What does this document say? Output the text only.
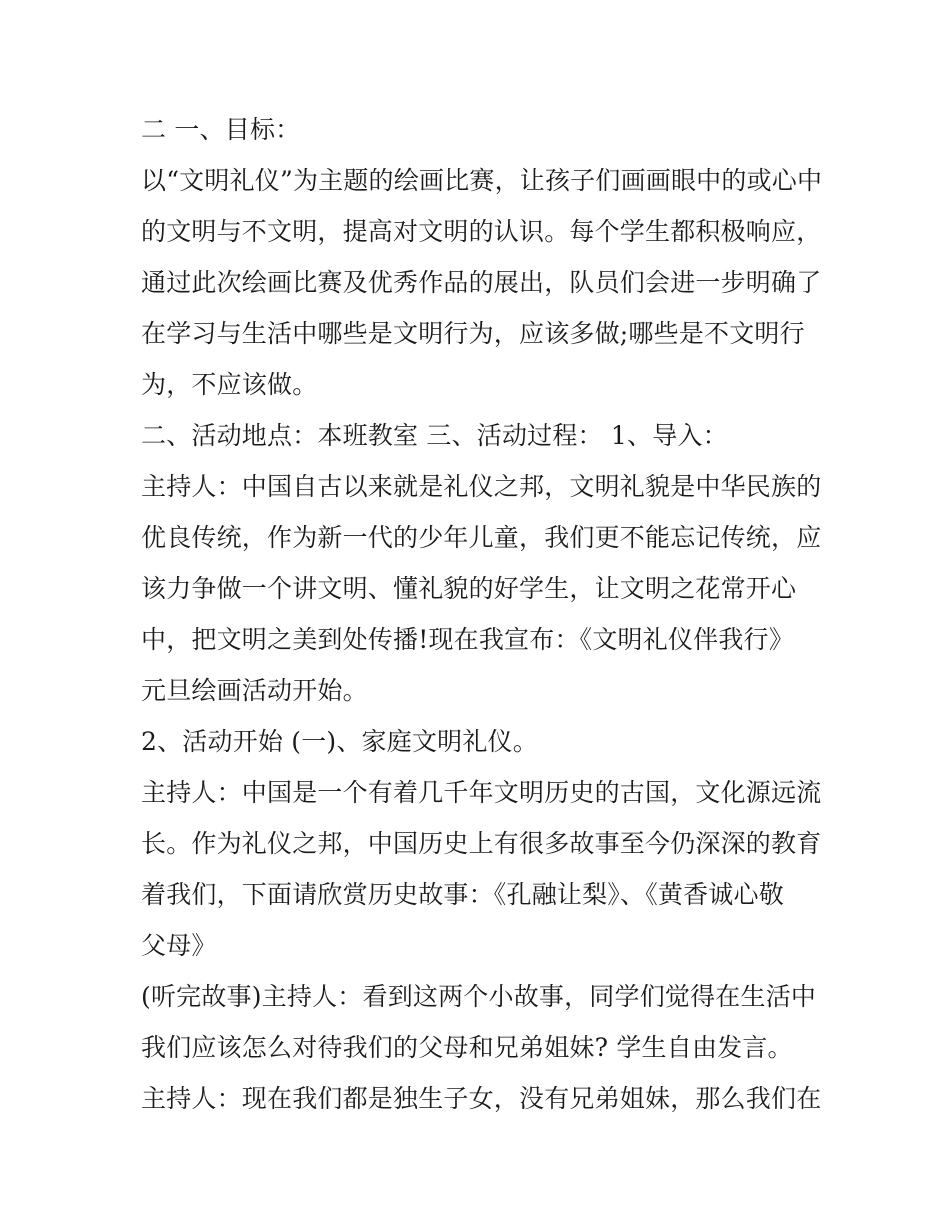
二 一、目标：
以“文明礼仪”为主题的绘画比赛，让孩子们画画眼中的或心中
的文明与不文明，提高对文明的认识。每个学生都积极响应，
通过此次绘画比赛及优秀作品的展出，队员们会进一步明确了
在学习与生活中哪些是文明行为，应该多做;哪些是不文明行
为，不应该做。
二、活动地点：本班教室 三、活动过程： 1、导入：
主持人：中国自古以来就是礼仪之邦，文明礼貌是中华民族的
优良传统，作为新一代的少年儿童，我们更不能忘记传统，应
该力争做一个讲文明、懂礼貌的好学生，让文明之花常开心
中，把文明之美到处传播!现在我宣布：《文明礼仪伴我行》
元旦绘画活动开始。
2、活动开始 (一)、家庭文明礼仪。
主持人：中国是一个有着几千年文明历史的古国，文化源远流
长。作为礼仪之邦，中国历史上有很多故事至今仍深深的教育
着我们，下面请欣赏历史故事：《孔融让梨》、《黄香诚心敬
父母》
(听完故事)主持人：看到这两个小故事，同学们觉得在生活中
我们应该怎么对待我们的父母和兄弟姐妹? 学生自由发言。
主持人：现在我们都是独生子女，没有兄弟姐妹，那么我们在
